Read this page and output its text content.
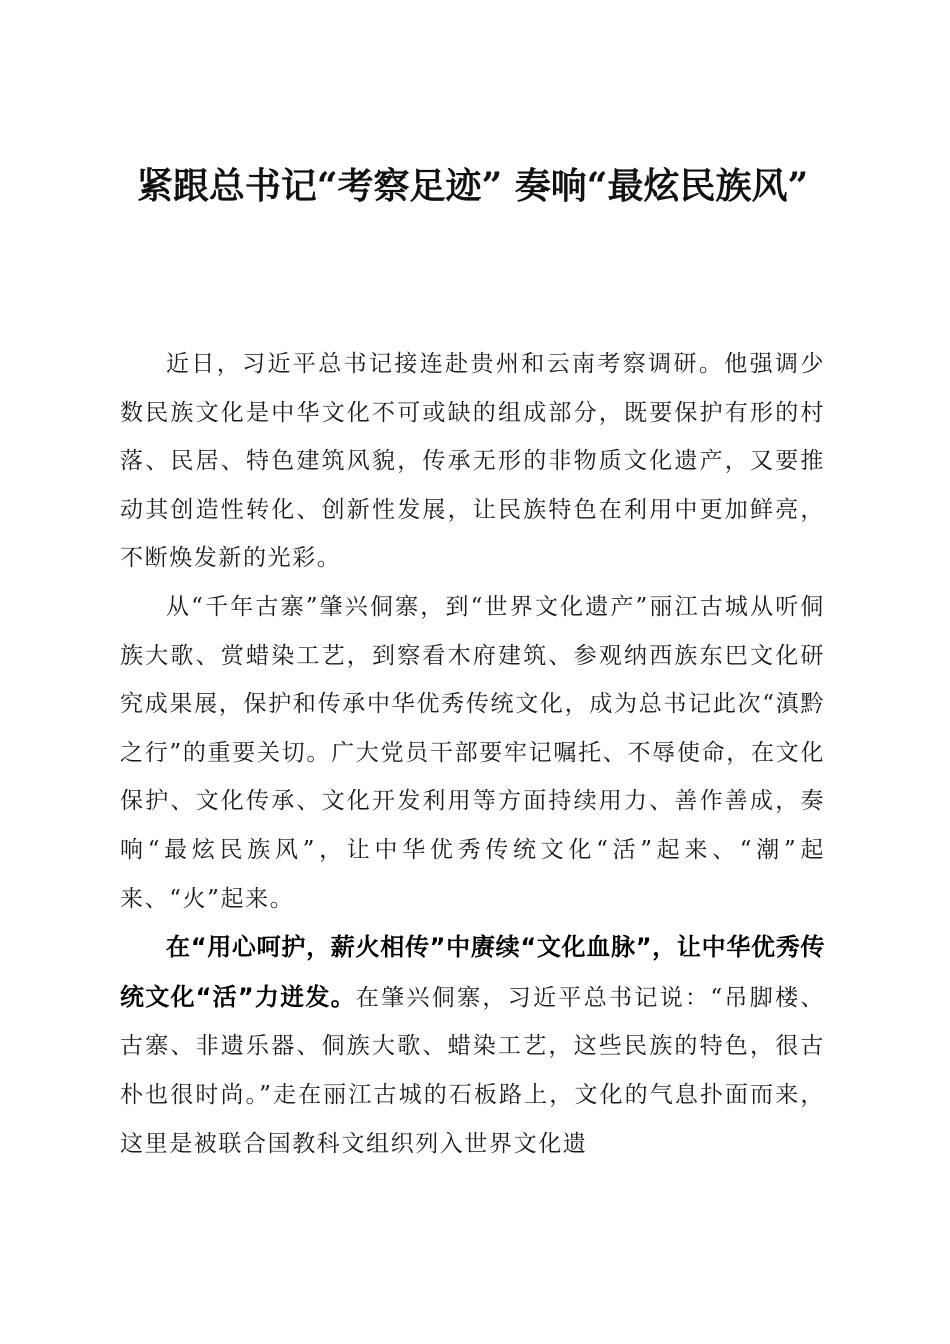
紧跟总书记“考察足迹” 奏响“最炫民族风”

近日，习近平总书记接连赴贵州和云南考察调研。他强调少数民族文化是中华文化不可或缺的组成部分，既要保护有形的村落、民居、特色建筑风貌，传承无形的非物质文化遗产，又要推动其创造性转化、创新性发展，让民族特色在利用中更加鲜亮，不断焕发新的光彩。

从“千年古寨”肇兴侗寨，到“世界文化遗产”丽江古城从听侗族大歌、赏蜡染工艺，到察看木府建筑、参观纳西族东巴文化研究成果展，保护和传承中华优秀传统文化，成为总书记此次“滇黔之行”的重要关切。广大党员干部要牢记嘱托、不辱使命，在文化保护、文化传承、文化开发利用等方面持续用力、善作善成，奏响“最炫民族风”，让中华优秀传统文化“活”起来、“潮”起来、“火”起来。

在“用心呵护，薪火相传”中赓续“文化血脉”，让中华优秀传统文化“活”力迸发。在肇兴侗寨，习近平总书记说：“吊脚楼、古寨、非遗乐器、侗族大歌、蜡染工艺，这些民族的特色，很古朴也很时尚。”走在丽江古城的石板路上，文化的气息扑面而来，这里是被联合国教科文组织列入世界文化遗
